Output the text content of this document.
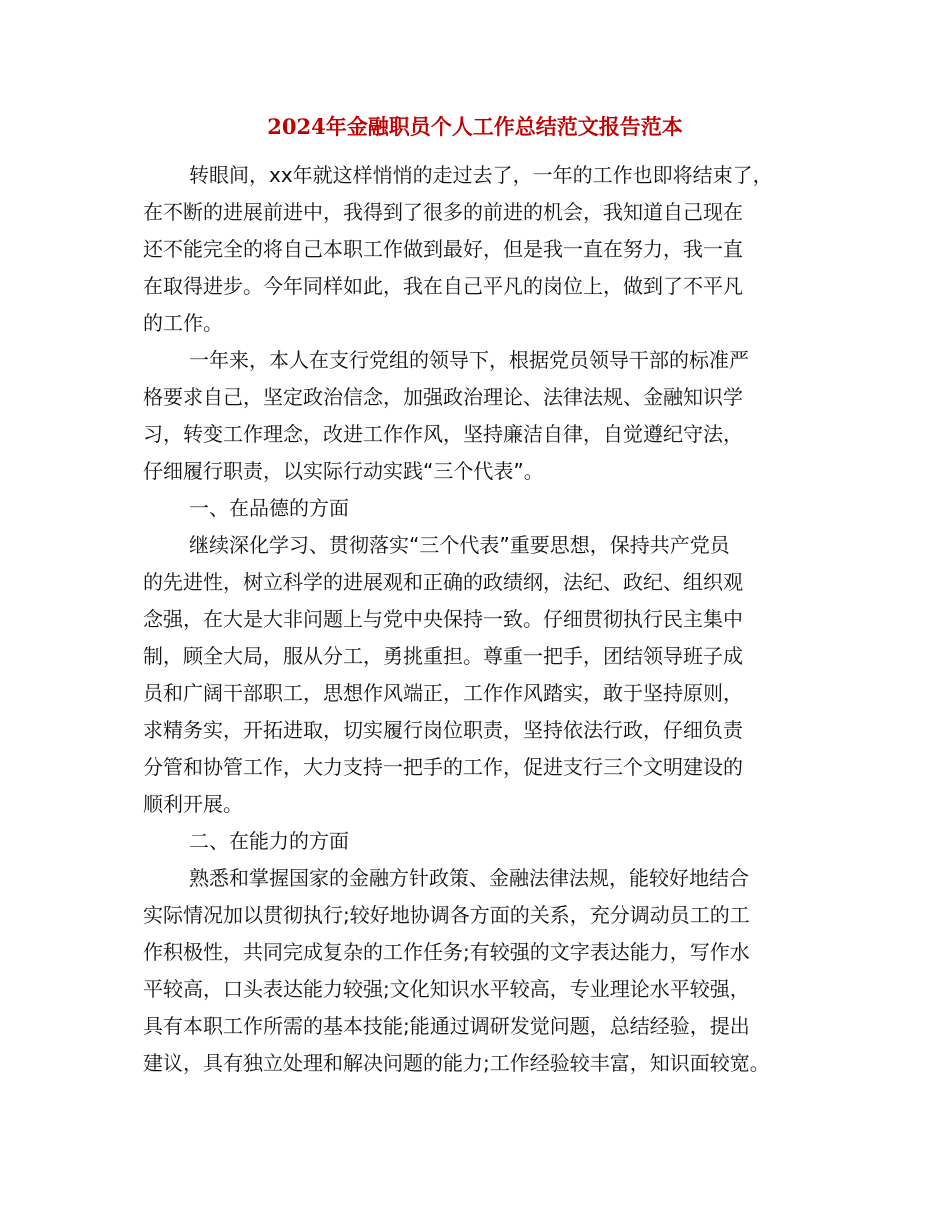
2024年金融职员个人工作总结范文报告范本

转眼间，xx年就这样悄悄的走过去了，一年的工作也即将结束了，

在不断的进展前进中，我得到了很多的前进的机会，我知道自己现在

还不能完全的将自己本职工作做到最好，但是我一直在努力，我一直

在取得进步。今年同样如此，我在自己平凡的岗位上，做到了不平凡

的工作。

一年来，本人在支行党组的领导下，根据党员领导干部的标准严

格要求自己，坚定政治信念，加强政治理论、法律法规、金融知识学

习，转变工作理念，改进工作作风，坚持廉洁自律，自觉遵纪守法，

仔细履行职责，以实际行动实践“三个代表”。

一、在品德的方面

继续深化学习、贯彻落实“三个代表”重要思想，保持共产党员

的先进性，树立科学的进展观和正确的政绩纲，法纪、政纪、组织观

念强，在大是大非问题上与党中央保持一致。仔细贯彻执行民主集中

制，顾全大局，服从分工，勇挑重担。尊重一把手，团结领导班子成

员和广阔干部职工，思想作风端正，工作作风踏实，敢于坚持原则，

求精务实，开拓进取，切实履行岗位职责，坚持依法行政，仔细负责

分管和协管工作，大力支持一把手的工作，促进支行三个文明建设的

顺利开展。

二、在能力的方面

熟悉和掌握国家的金融方针政策、金融法律法规，能较好地结合

实际情况加以贯彻执行;较好地协调各方面的关系，充分调动员工的工

作积极性，共同完成复杂的工作任务;有较强的文字表达能力，写作水

平较高，口头表达能力较强;文化知识水平较高，专业理论水平较强，

具有本职工作所需的基本技能;能通过调研发觉问题，总结经验，提出

建议，具有独立处理和解决问题的能力;工作经验较丰富，知识面较宽。
